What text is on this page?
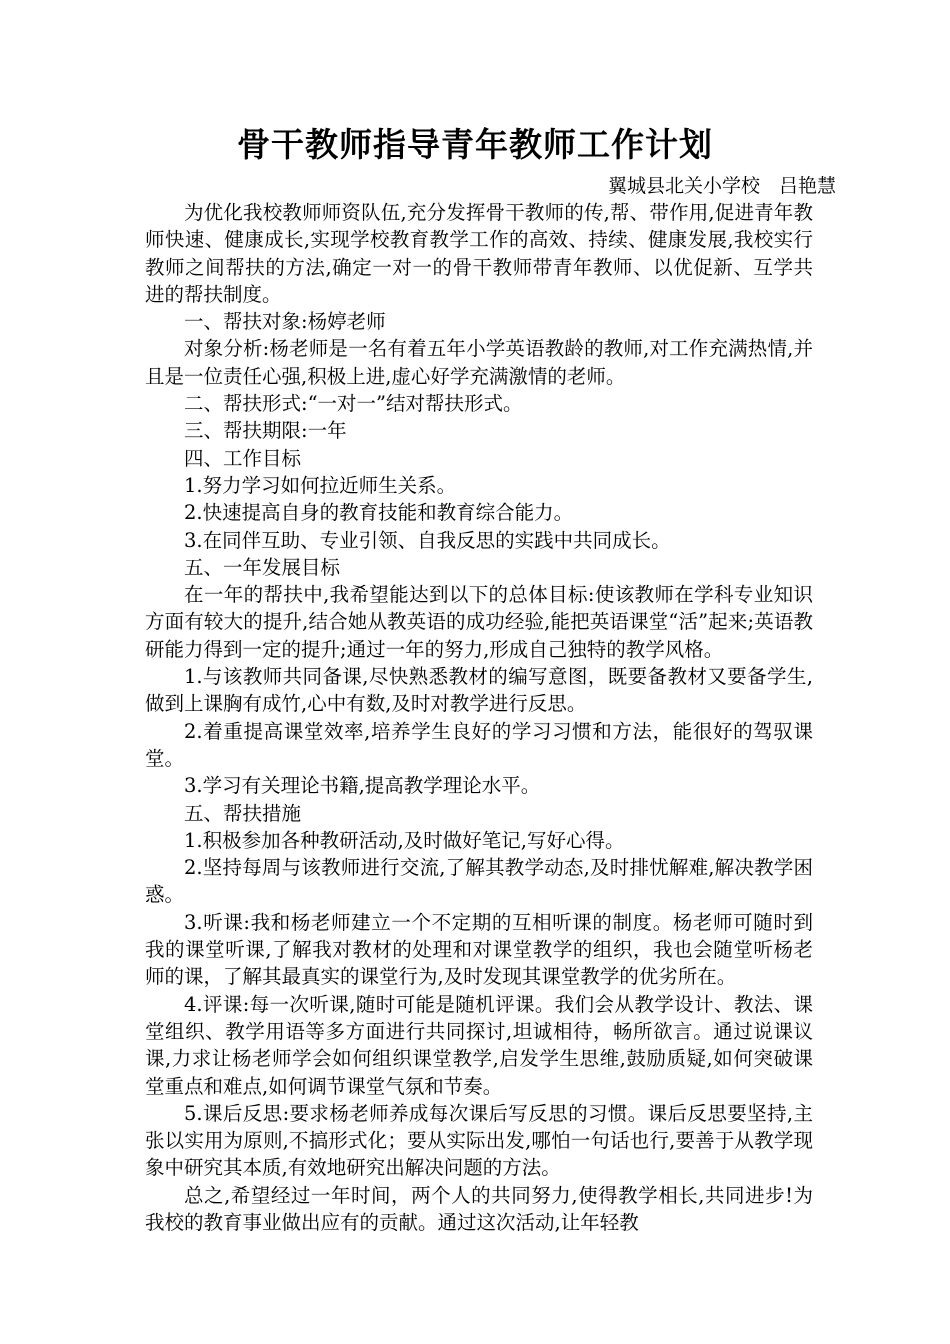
骨干教师指导青年教师工作计划
翼城县北关小学校　吕艳慧

为优化我校教师师资队伍,充分发挥骨干教师的传,帮、带作用,促进青年教师快速、健康成长,实现学校教育教学工作的高效、持续、健康发展,我校实行教师之间帮扶的方法,确定一对一的骨干教师带青年教师、以优促新、互学共进的帮扶制度。

一、帮扶对象:杨婷老师

对象分析:杨老师是一名有着五年小学英语教龄的教师,对工作充满热情,并且是一位责任心强,积极上进,虚心好学充满激情的老师。

二、帮扶形式:“一对一”结对帮扶形式。

三、帮扶期限:一年

四、工作目标

1.努力学习如何拉近师生关系。

2.快速提高自身的教育技能和教育综合能力。

3.在同伴互助、专业引领、自我反思的实践中共同成长。

五、一年发展目标

在一年的帮扶中,我希望能达到以下的总体目标:使该教师在学科专业知识方面有较大的提升,结合她从教英语的成功经验,能把英语课堂“活”起来;英语教研能力得到一定的提升;通过一年的努力,形成自己独特的教学风格。

1.与该教师共同备课,尽快熟悉教材的编写意图，既要备教材又要备学生,做到上课胸有成竹,心中有数,及时对教学进行反思。

2.着重提高课堂效率,培养学生良好的学习习惯和方法，能很好的驾驭课堂。

3.学习有关理论书籍,提高教学理论水平。

五、帮扶措施

1.积极参加各种教研活动,及时做好笔记,写好心得。

2.坚持每周与该教师进行交流,了解其教学动态,及时排忧解难,解决教学困惑。

3.听课:我和杨老师建立一个不定期的互相听课的制度。杨老师可随时到我的课堂听课,了解我对教材的处理和对课堂教学的组织，我也会随堂听杨老师的课，了解其最真实的课堂行为,及时发现其课堂教学的优劣所在。

4.评课:每一次听课,随时可能是随机评课。我们会从教学设计、教法、课堂组织、教学用语等多方面进行共同探讨,坦诚相待，畅所欲言。通过说课议课,力求让杨老师学会如何组织课堂教学,启发学生思维,鼓励质疑,如何突破课堂重点和难点,如何调节课堂气氛和节奏。

5.课后反思:要求杨老师养成每次课后写反思的习惯。课后反思要坚持,主张以实用为原则,不搞形式化；要从实际出发,哪怕一句话也行,要善于从教学现象中研究其本质,有效地研究出解决问题的方法。

总之,希望经过一年时间，两个人的共同努力,使得教学相长,共同进步!为我校的教育事业做出应有的贡献。通过这次活动,让年轻教
